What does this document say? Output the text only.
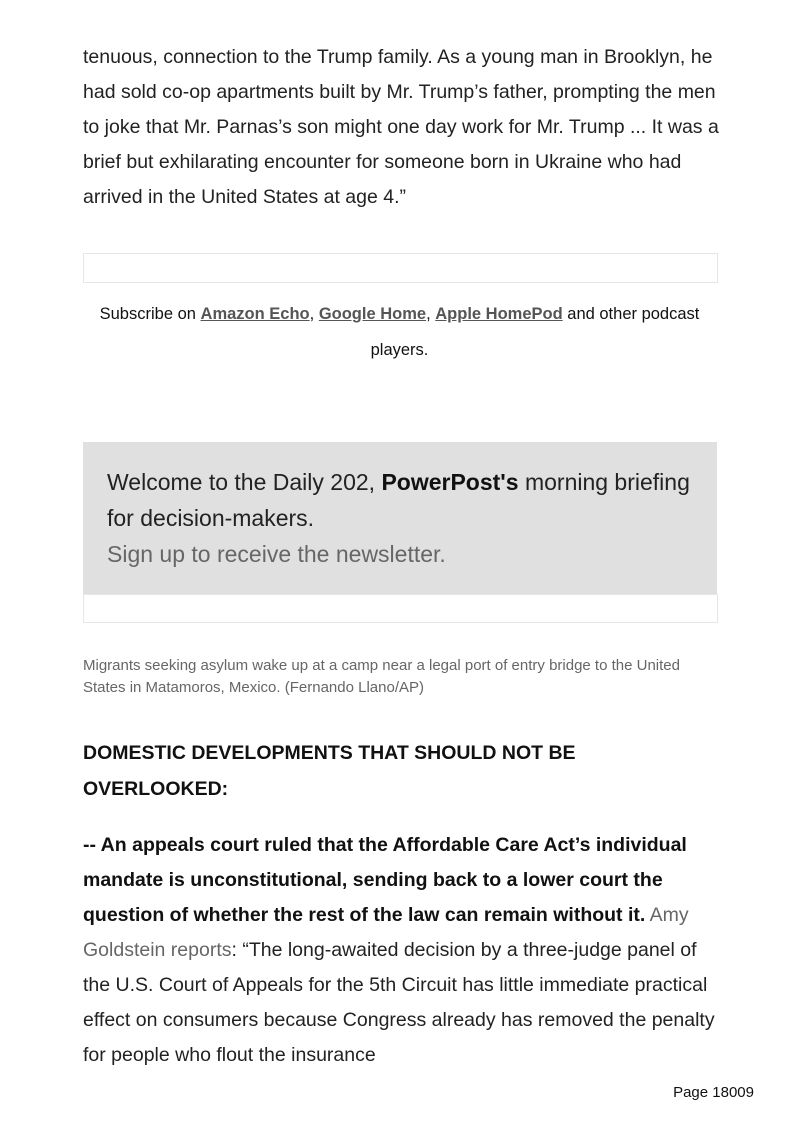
tenuous, connection to the Trump family. As a young man in Brooklyn, he had sold co-op apartments built by Mr. Trump’s father, prompting the men to joke that Mr. Parnas’s son might one day work for Mr. Trump ... It was a brief but exhilarating encounter for someone born in Ukraine who had arrived in the United States at age 4.”

Subscribe on Amazon Echo, Google Home, Apple HomePod and other podcast players.
Welcome to the Daily 202, PowerPost's morning briefing for decision-makers.
Sign up to receive the newsletter.
Migrants seeking asylum wake up at a camp near a legal port of entry bridge to the United States in Matamoros, Mexico. (Fernando Llano/AP)
DOMESTIC DEVELOPMENTS THAT SHOULD NOT BE OVERLOOKED:

-- An appeals court ruled that the Affordable Care Act’s individual mandate is unconstitutional, sending back to a lower court the question of whether the rest of the law can remain without it. Amy Goldstein reports: “The long-awaited decision by a three-judge panel of the U.S. Court of Appeals for the 5th Circuit has little immediate practical effect on consumers because Congress already has removed the penalty for people who flout the insurance

Page 18009
